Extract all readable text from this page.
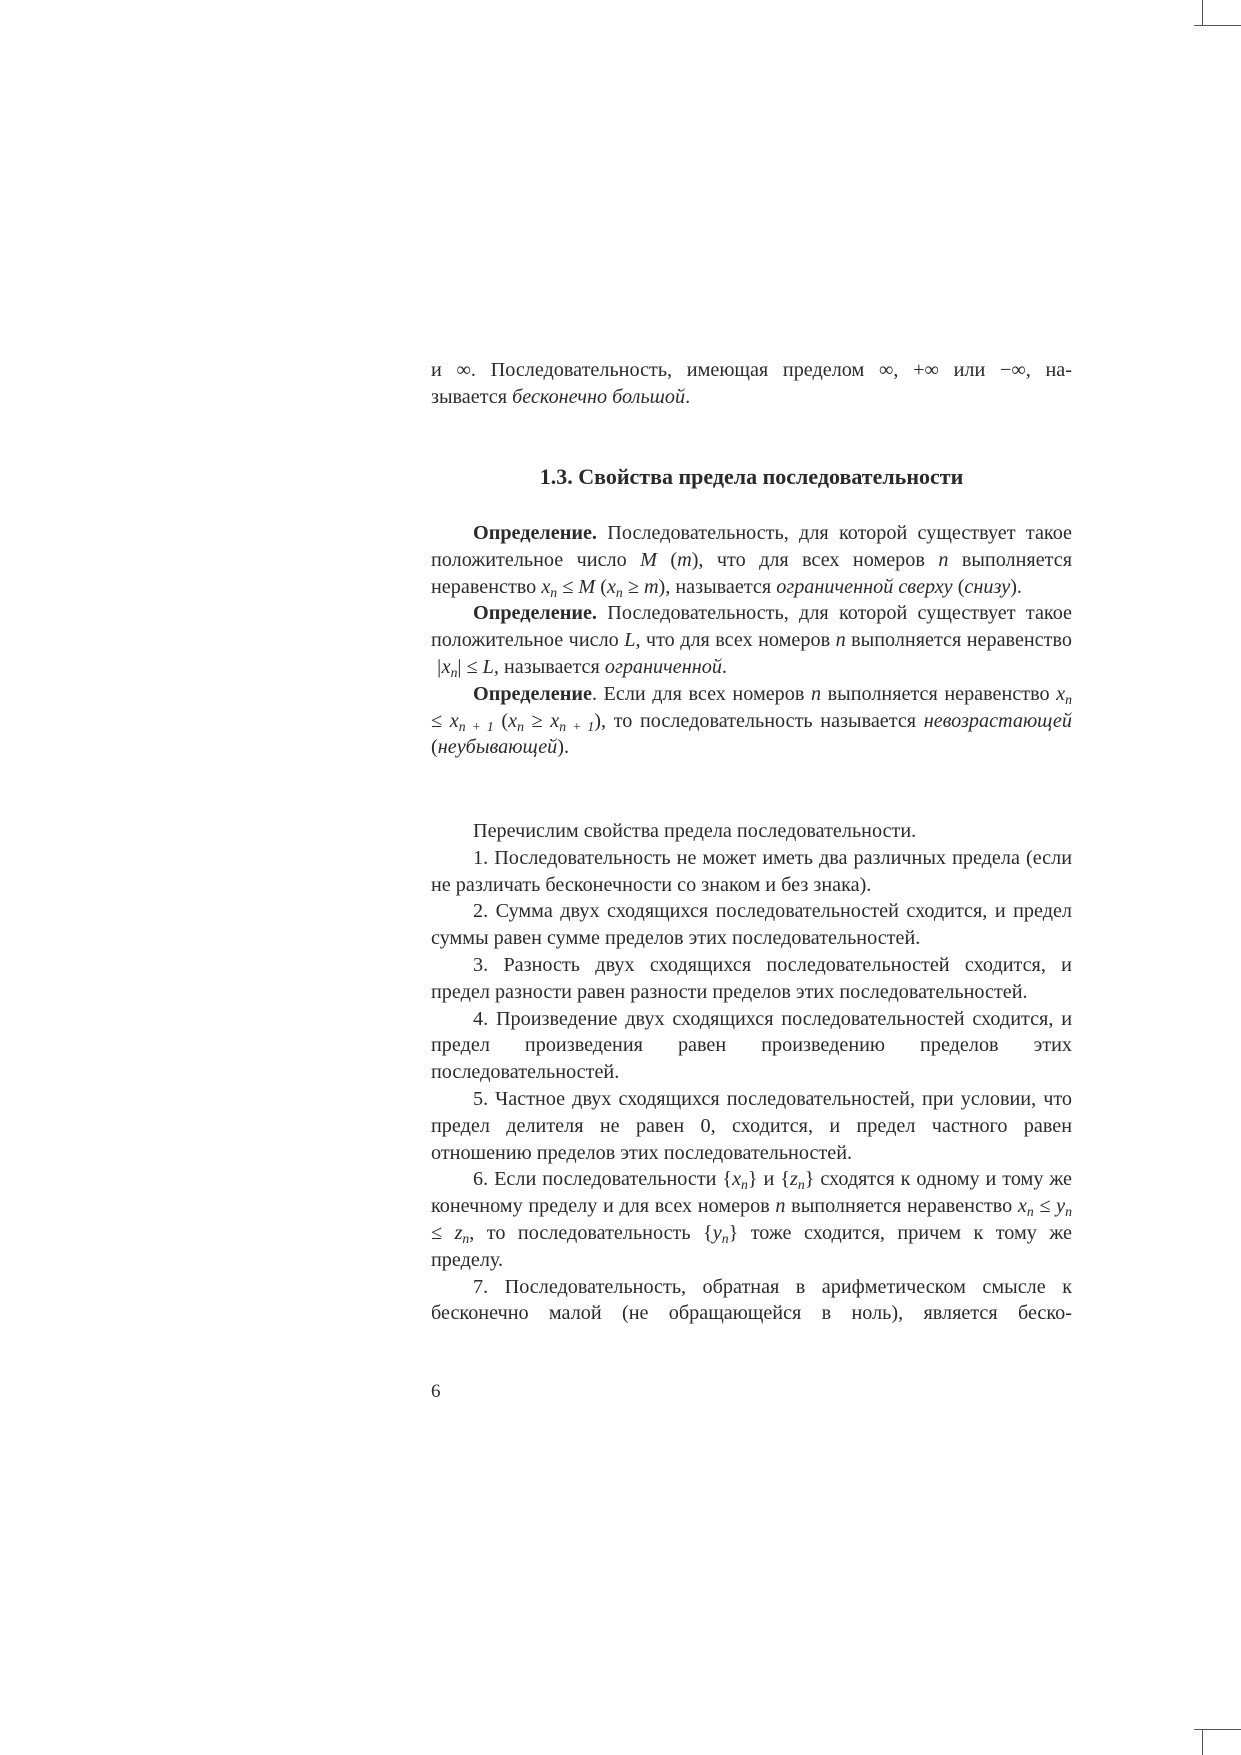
и ∞. Последовательность, имеющая пределом ∞, +∞ или −∞, на-

зывается бесконечно большой.

1.3. Свойства предела последовательности

Определение. Последовательность, для которой существует такое положительное число M (m), что для всех номеров n выполняется неравенство $x_n \le M$ $(x_n \ge m)$, называется ограниченной сверху (снизу).

Определение. Последовательность, для которой существует такое положительное число L, что для всех номеров n выполняется неравенство  $|x_n| \le L$, называется ограниченной.

Определение. Если для всех номеров n выполняется неравенство $x_n \le x_{n + 1}$ $(x_n \ge x_{n + 1})$, то последовательность называется невозрастающей (неубывающей).

Перечислим свойства предела последовательности.

1. Последовательность не может иметь два различных предела (если не различать бесконечности со знаком и без знака).

2. Сумма двух сходящихся последовательностей сходится, и предел суммы равен сумме пределов этих последовательностей.

3. Разность двух сходящихся последовательностей сходится, и предел разности равен разности пределов этих последовательностей.

4. Произведение двух сходящихся последовательностей сходится, и предел произведения равен произведению пределов этих последовательностей.

5. Частное двух сходящихся последовательностей, при условии, что предел делителя не равен 0, сходится, и предел частного равен отношению пределов этих последовательностей.

6. Если последовательности $\{x_n\}$ и $\{z_n\}$ сходятся к одному и тому же конечному пределу и для всех номеров n выполняется неравенство $x_n \le y_n \le z_n$, то последовательность $\{y_n\}$ тоже сходится, причем к тому же пределу.

7. Последовательность, обратная в арифметическом смысле к бесконечно малой (не обращающейся в ноль), является беско-

6
